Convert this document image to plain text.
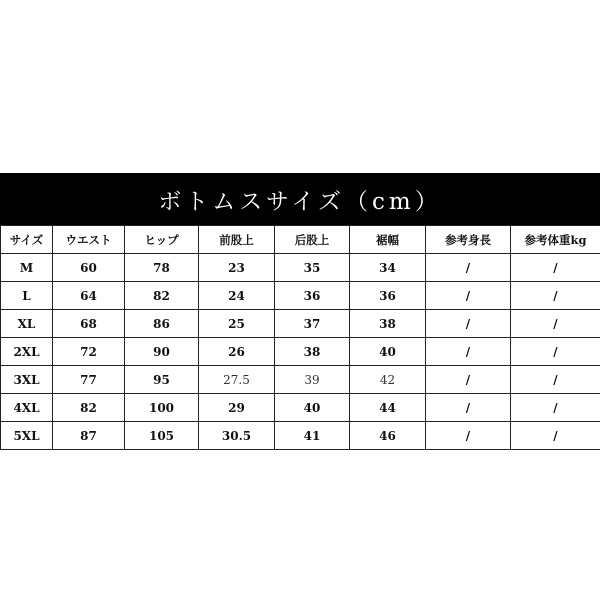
ボトムスサイズ（cm）
サイズ	ウエスト	ヒップ	前股上	后股上	裾幅	参考身長	参考体重kg
M	60	78	23	35	34	/	/
L	64	82	24	36	36	/	/
XL	68	86	25	37	38	/	/
2XL	72	90	26	38	40	/	/
3XL	77	95	27.5	39	42	/	/
4XL	82	100	29	40	44	/	/
5XL	87	105	30.5	41	46	/	/
